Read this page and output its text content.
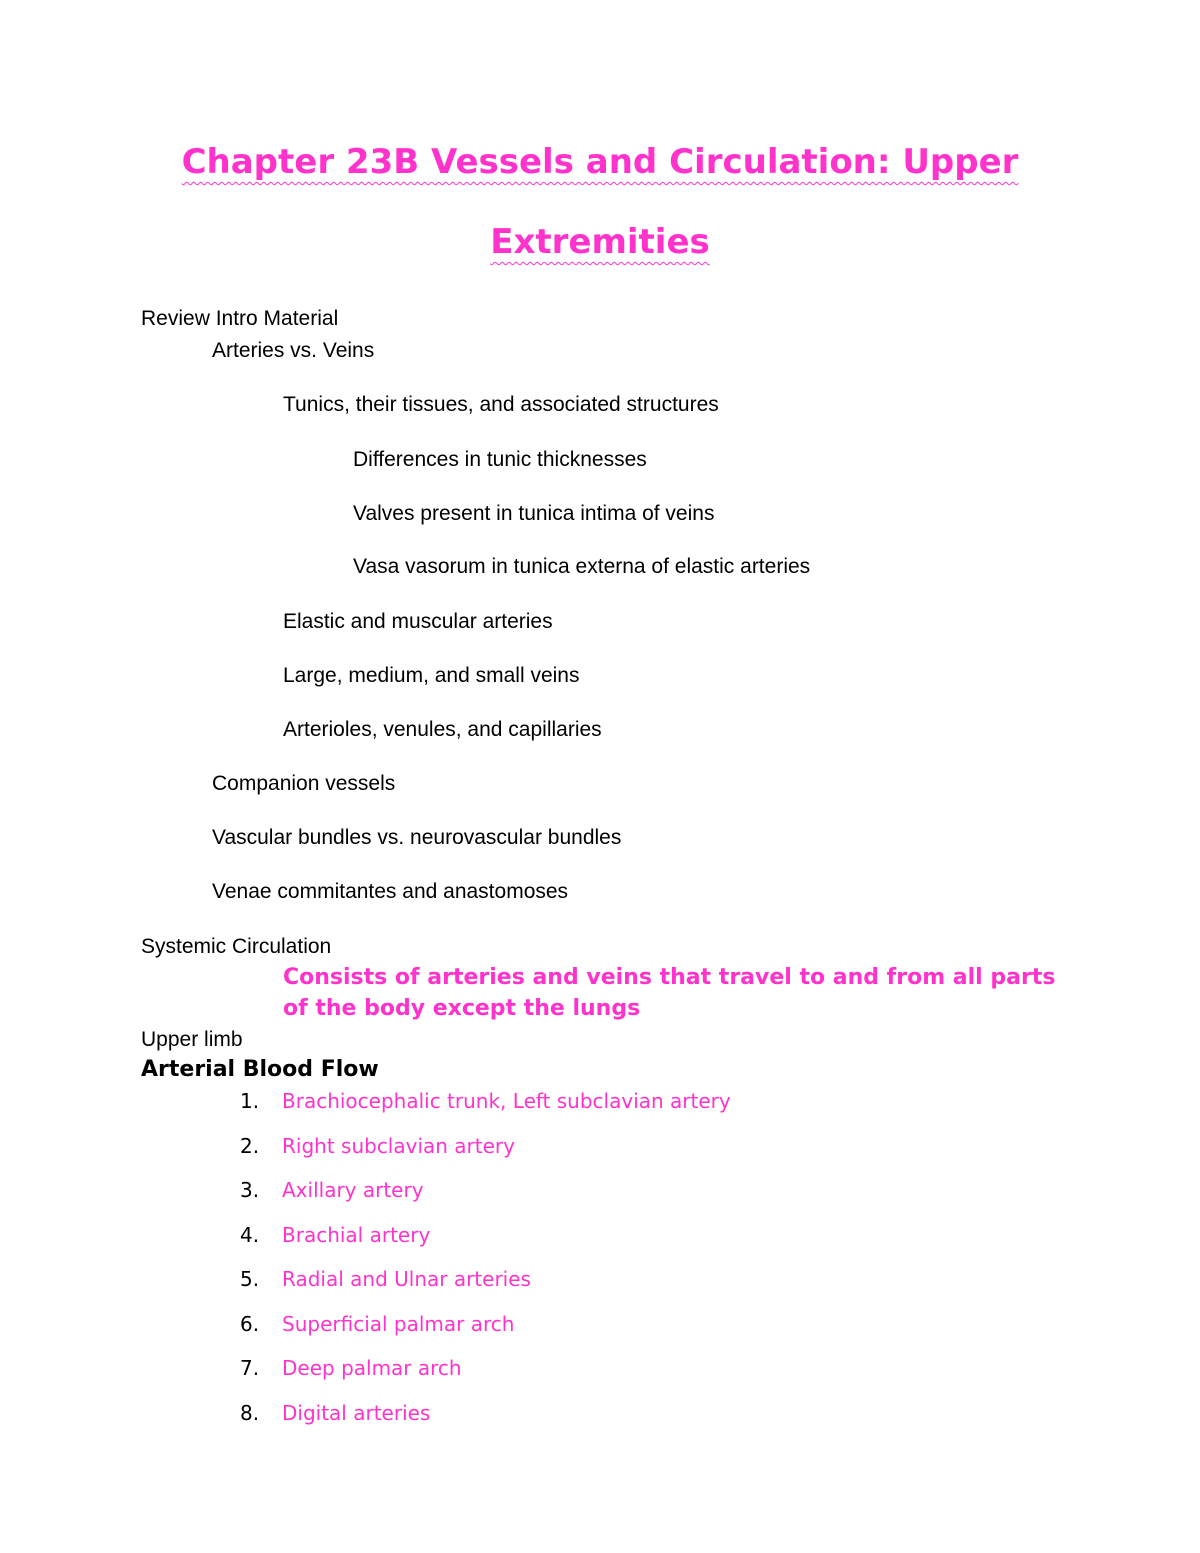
Chapter 23B Vessels and Circulation: Upper
Extremities
Review Intro Material
Arteries vs. Veins
Tunics, their tissues, and associated structures
Differences in tunic thicknesses
Valves present in tunica intima of veins
Vasa vasorum in tunica externa of elastic arteries
Elastic and muscular arteries
Large, medium, and small veins
Arterioles, venules, and capillaries
Companion vessels
Vascular bundles vs. neurovascular bundles
Venae commitantes and anastomoses
Systemic Circulation
Consists of arteries and veins that travel to and from all parts of the body except the lungs
Upper limb
Arterial Blood Flow
1. Brachiocephalic trunk, Left subclavian artery
2. Right subclavian artery
3. Axillary artery
4. Brachial artery
5. Radial and Ulnar arteries
6. Superficial palmar arch
7. Deep palmar arch
8. Digital arteries
